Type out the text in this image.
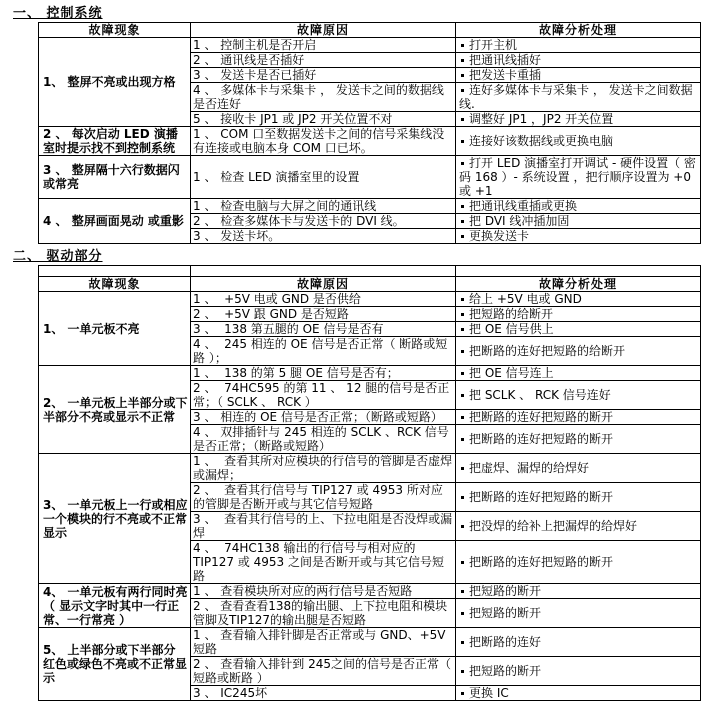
一、 控制系统
故障现象	故障原因	故障分析处理
1、 整屏不亮或出现方格	1 、 控制主机是否开启	打开主机
	2 、 通讯线是否插好	把通讯线插好
	3 、 发送卡是否已插好	把发送卡重插
	4 、 多媒体卡与采集卡 ， 发送卡之间的数据线是否连好	连好多媒体卡与采集卡 ， 发送卡之间数据线.
	5 、 接收卡 JP1 或 JP2 开关位置不对	调整好 JP1 ，JP2 开关位置
2 、 每次启动 LED 演播室时提示找不到控制系统	1 、 COM 口至数据发送卡之间的信号采集线没有连接或电脑本身 COM 口已坏。	连接好该数据线或更换电脑
3 、 整屏隔十六行数据闪或常亮	1 、 检查 LED 演播室里的设置	打开 LED 演播室打开调试 - 硬件设置（ 密码 168 ）- 系统设置 ，把行顺序设置为 +0 或 +1
4 、 整屏画面晃动 或重影	1 、 检查电脑与大屏之间的通讯线	把通讯线重插或更换
	2 、 检查多媒体卡与发送卡的 DVI 线。	把 DVI 线冲插加固
	3 、 发送卡坏。	更换发送卡
二、 驱动部分

故障现象	故障原因	故障分析处理
1、 一单元板不亮	1 、  +5V 电或 GND 是否供给	给上 +5V 电或 GND
	2 、  +5V 跟 GND 是否短路	把短路的给断开
	3 、  138 第五腿的 OE 信号是否有	把 OE 信号供上
	4 、  245 相连的 OE 信号是否正常（ 断路或短路 ）；	把断路的连好把短路的给断开
2、 一单元板上半部分或下半部分不亮或显示不正常	1 、  138 的第 5 腿 OE 信号是否有；	把 OE 信号连上
	2 、  74HC595 的第 11 、 12 腿的信号是否正常；（ SCLK 、 RCK ）	把 SCLK 、 RCK 信号连好
	3 、 相连的 OE 信号是否正常；（断路或短路）	把断路的连好把短路的断开
	4 、 双排插针与 245 相连的 SCLK 、RCK 信号是否正常；（断路或短路）	把断路的连好把短路的断开
3、 一单元板上一行或相应一个模块的行不亮或不正常显示	1 、  查看其所对应模块的行信号的管脚是否虚焊或漏焊；	把虚焊、漏焊的给焊好
	2 、  查看其行信号与 TIP127 或 4953 所对应的管脚是否断开或与其它信号短路	把断路的连好把短路的断开
	3 、  查看其行信号的上、下拉电阻是否没焊或漏焊	把没焊的给补上把漏焊的给焊好
	4 、  74HC138 输出的行信号与相对应的 TIP127 或 4953 之间是否断开或与其它信号短路	把断路的连好把短路的断开
4、 一单元板有两行同时亮（ 显示文字时其中一行正常、一行常亮 ）	1 、 查看模块所对应的两行信号是否短路	把短路的断开
	2 、 查看查看138的输出腿、上下拉电阻和模块管脚及TIP127的输出腿是否短路	把短路的断开
5、 上半部分或下半部分 红色或绿色不亮或不正常显示	1 、 查看输入排针脚是否正常或与 GND、+5V短路	把断路的连好
	2 、 查看输入排针到 245之间的信号是否正常（ 短路或断路 ）	把短路的断开
	3 、 IC245坏	更换 IC
